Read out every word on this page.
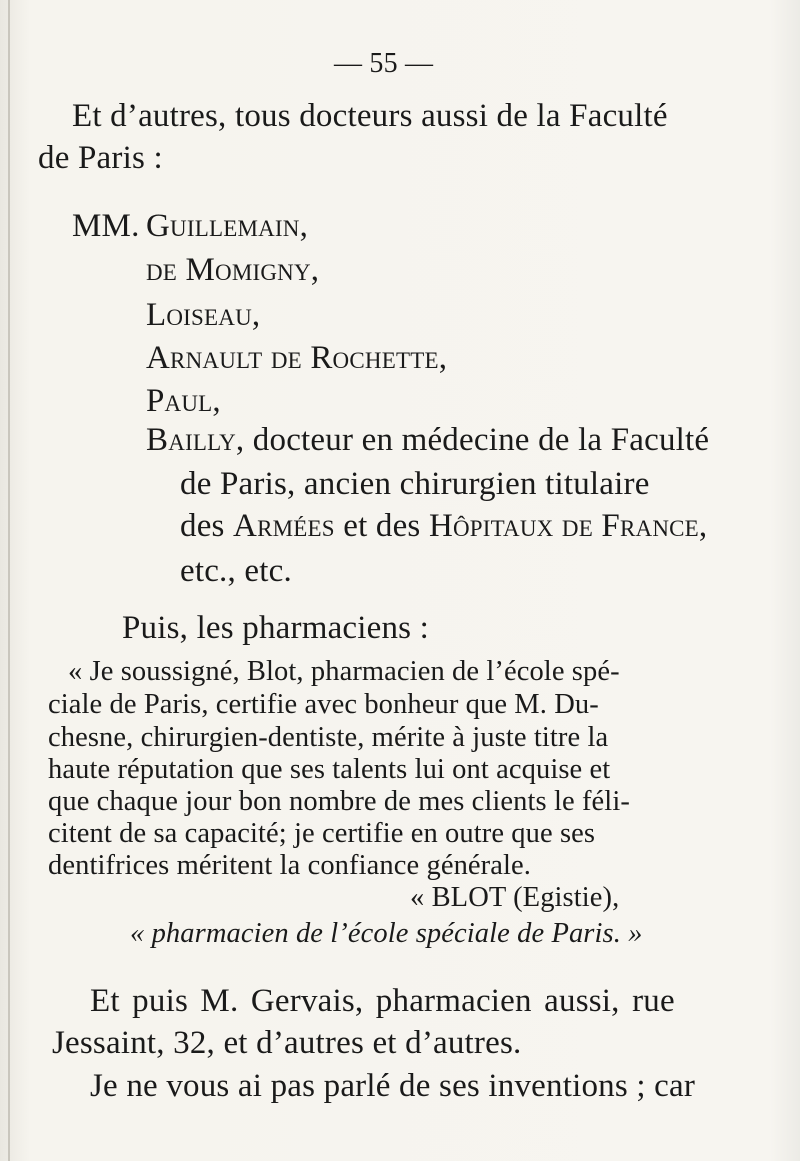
— 55 —
Et d’autres, tous docteurs aussi de la Faculté
de Paris :
MM. Guillemain,
de Momigny,
Loiseau,
Arnault de Rochette,
Paul,
Bailly, docteur en médecine de la Faculté
de Paris, ancien chirurgien titulaire
des Armées et des Hôpitaux de France,
etc., etc.
Puis, les pharmaciens :
« Je soussigné, Blot, pharmacien de l’école spé-
ciale de Paris, certifie avec bonheur que M. Du-
chesne, chirurgien-dentiste, mérite à juste titre la
haute réputation que ses talents lui ont acquise et
que chaque jour bon nombre de mes clients le féli-
citent de sa capacité; je certifie en outre que ses
dentifrices méritent la confiance générale.
« BLOT (Egistie),
« pharmacien de l’école spéciale de Paris. »
Et puis M. Gervais, pharmacien aussi, rue
Jessaint, 32, et d’autres et d’autres.
Je ne vous ai pas parlé de ses inventions ; car
